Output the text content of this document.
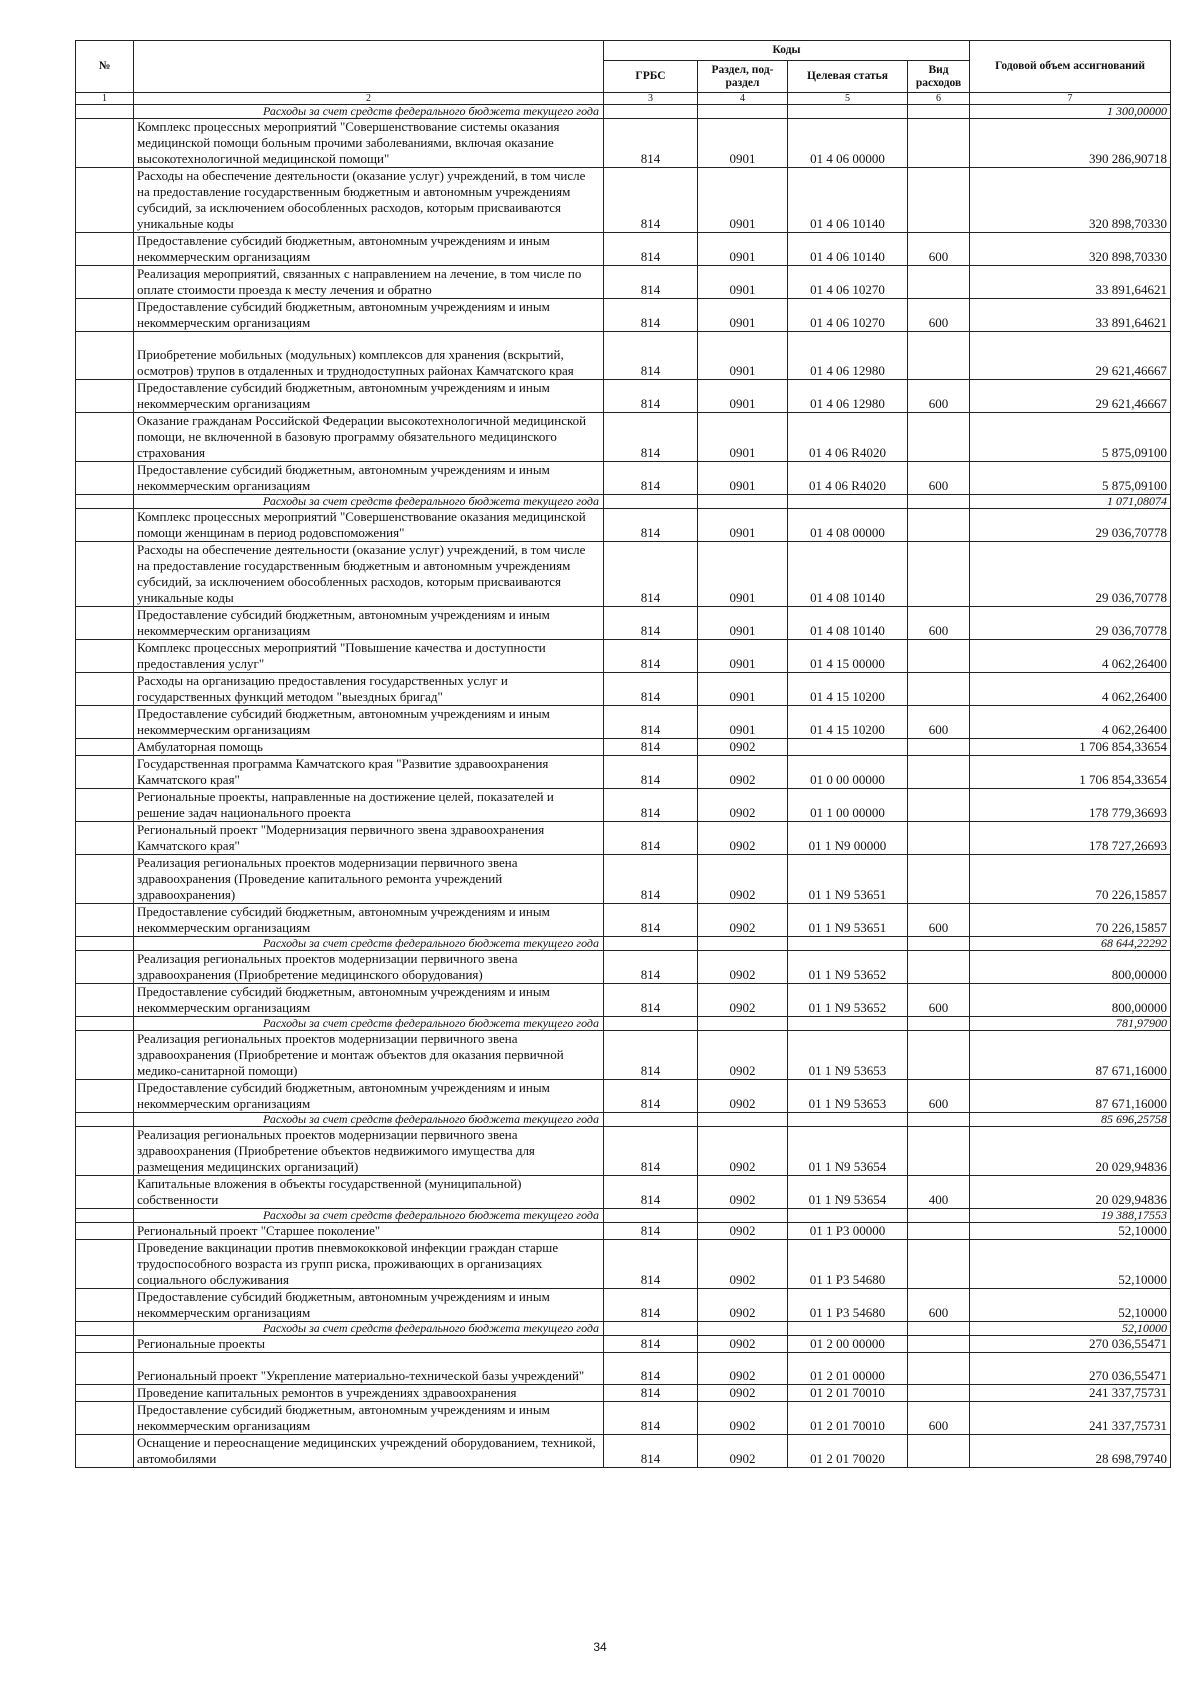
№		Коды				Годовой объем ассигнований
		ГРБС	Раздел, под-раздел	Целевая статья	Вид расходов	
1	2	3	4	5	6	7
	Расходы за счет средств федерального бюджета текущего года					1 300,00000
	Комплекс процессных мероприятий "Совершенствование системы оказания медицинской помощи больным прочими заболеваниями, включая оказание высокотехнологичной медицинской помощи"	814	0901	01 4 06 00000		390 286,90718
	Расходы на обеспечение деятельности (оказание услуг) учреждений, в том числе на предоставление государственным бюджетным и автономным учреждениям субсидий, за исключением обособленных расходов, которым присваиваются уникальные коды	814	0901	01 4 06 10140		320 898,70330
	Предоставление субсидий бюджетным, автономным учреждениям и иным некоммерческим организациям	814	0901	01 4 06 10140	600	320 898,70330
	Реализация мероприятий, связанных с направлением на лечение, в том числе по оплате стоимости проезда к месту лечения и обратно	814	0901	01 4 06 10270		33 891,64621
	Предоставление субсидий бюджетным, автономным учреждениям и иным некоммерческим организациям	814	0901	01 4 06 10270	600	33 891,64621
	Приобретение мобильных (модульных) комплексов для хранения (вскрытий, осмотров) трупов в отдаленных и труднодоступных районах Камчатского края	814	0901	01 4 06 12980		29 621,46667
	Предоставление субсидий бюджетным, автономным учреждениям и иным некоммерческим организациям	814	0901	01 4 06 12980	600	29 621,46667
	Оказание гражданам Российской Федерации высокотехнологичной медицинской помощи, не включенной в базовую программу обязательного медицинского страхования	814	0901	01 4 06 R4020		5 875,09100
	Предоставление субсидий бюджетным, автономным учреждениям и иным некоммерческим организациям	814	0901	01 4 06 R4020	600	5 875,09100
	Расходы за счет средств федерального бюджета текущего года					1 071,08074
	Комплекс процессных мероприятий "Совершенствование оказания медицинской помощи женщинам в период родовспоможения"	814	0901	01 4 08 00000		29 036,70778
	Расходы на обеспечение деятельности (оказание услуг) учреждений, в том числе на предоставление государственным бюджетным и автономным учреждениям субсидий, за исключением обособленных расходов, которым присваиваются уникальные коды	814	0901	01 4 08 10140		29 036,70778
	Предоставление субсидий бюджетным, автономным учреждениям и иным некоммерческим организациям	814	0901	01 4 08 10140	600	29 036,70778
	Комплекс процессных мероприятий "Повышение качества и доступности предоставления услуг"	814	0901	01 4 15 00000		4 062,26400
	Расходы на организацию предоставления государственных услуг и государственных функций методом "выездных бригад"	814	0901	01 4 15 10200		4 062,26400
	Предоставление субсидий бюджетным, автономным учреждениям и иным некоммерческим организациям	814	0901	01 4 15 10200	600	4 062,26400
	Амбулаторная помощь	814	0902			1 706 854,33654
	Государственная программа Камчатского края "Развитие здравоохранения Камчатского края"	814	0902	01 0 00 00000		1 706 854,33654
	Региональные проекты, направленные на достижение целей, показателей и решение задач национального проекта	814	0902	01 1 00 00000		178 779,36693
	Региональный проект "Модернизация первичного звена здравоохранения Камчатского края"	814	0902	01 1 N9 00000		178 727,26693
	Реализация региональных проектов модернизации первичного звена здравоохранения (Проведение капитального ремонта учреждений здравоохранения)	814	0902	01 1 N9 53651		70 226,15857
	Предоставление субсидий бюджетным, автономным учреждениям и иным некоммерческим организациям	814	0902	01 1 N9 53651	600	70 226,15857
	Расходы за счет средств федерального бюджета текущего года					68 644,22292
	Реализация региональных проектов модернизации первичного звена здравоохранения (Приобретение медицинского оборудования)	814	0902	01 1 N9 53652		800,00000
	Предоставление субсидий бюджетным, автономным учреждениям и иным некоммерческим организациям	814	0902	01 1 N9 53652	600	800,00000
	Расходы за счет средств федерального бюджета текущего года					781,97900
	Реализация региональных проектов модернизации первичного звена здравоохранения (Приобретение и монтаж объектов для оказания первичной медико-санитарной помощи)	814	0902	01 1 N9 53653		87 671,16000
	Предоставление субсидий бюджетным, автономным учреждениям и иным некоммерческим организациям	814	0902	01 1 N9 53653	600	87 671,16000
	Расходы за счет средств федерального бюджета текущего года					85 696,25758
	Реализация региональных проектов модернизации первичного звена здравоохранения (Приобретение объектов недвижимого имущества для размещения медицинских организаций)	814	0902	01 1 N9 53654		20 029,94836
	Капитальные вложения в объекты государственной (муниципальной) собственности	814	0902	01 1 N9 53654	400	20 029,94836
	Расходы за счет средств федерального бюджета текущего года					19 388,17553
	Региональный проект "Старшее поколение"	814	0902	01 1 P3 00000		52,10000
	Проведение вакцинации против пневмококковой инфекции граждан старше трудоспособного возраста из групп риска, проживающих в организациях социального обслуживания	814	0902	01 1 P3 54680		52,10000
	Предоставление субсидий бюджетным, автономным учреждениям и иным некоммерческим организациям	814	0902	01 1 P3 54680	600	52,10000
	Расходы за счет средств федерального бюджета текущего года					52,10000
	Региональные проекты	814	0902	01 2 00 00000		270 036,55471
	Региональный проект "Укрепление материально-технической базы учреждений"	814	0902	01 2 01 00000		270 036,55471
	Проведение капитальных ремонтов в учреждениях здравоохранения	814	0902	01 2 01 70010		241 337,75731
	Предоставление субсидий бюджетным, автономным учреждениям и иным некоммерческим организациям	814	0902	01 2 01 70010	600	241 337,75731
	Оснащение и переоснащение медицинских учреждений оборудованием, техникой, автомобилями	814	0902	01 2 01 70020		28 698,79740
34
